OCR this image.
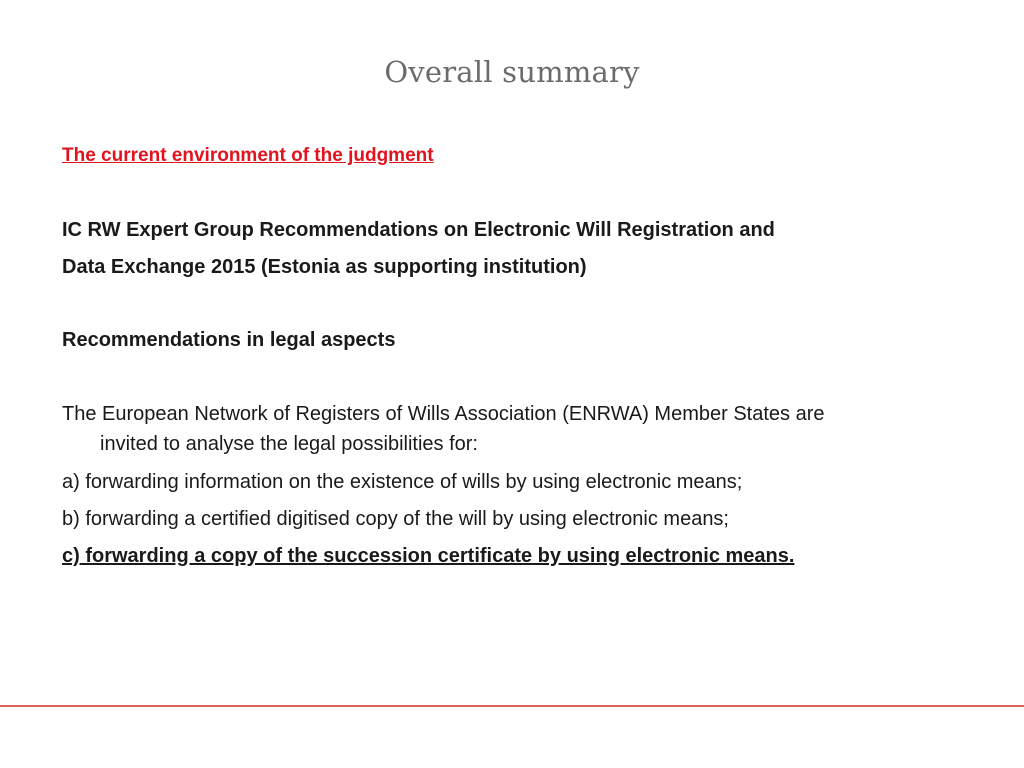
Overall summary
The current environment of the judgment
IC RW Expert Group Recommendations on Electronic Will Registration and
Data Exchange 2015 (Estonia as supporting institution)
Recommendations in legal aspects
The European Network of Registers of Wills Association (ENRWA) Member States are
invited to analyse the legal possibilities for:
a) forwarding information on the existence of wills by using electronic means;
b) forwarding a certified digitised copy of the will by using electronic means;
c) forwarding a copy of the succession certificate by using electronic means.
